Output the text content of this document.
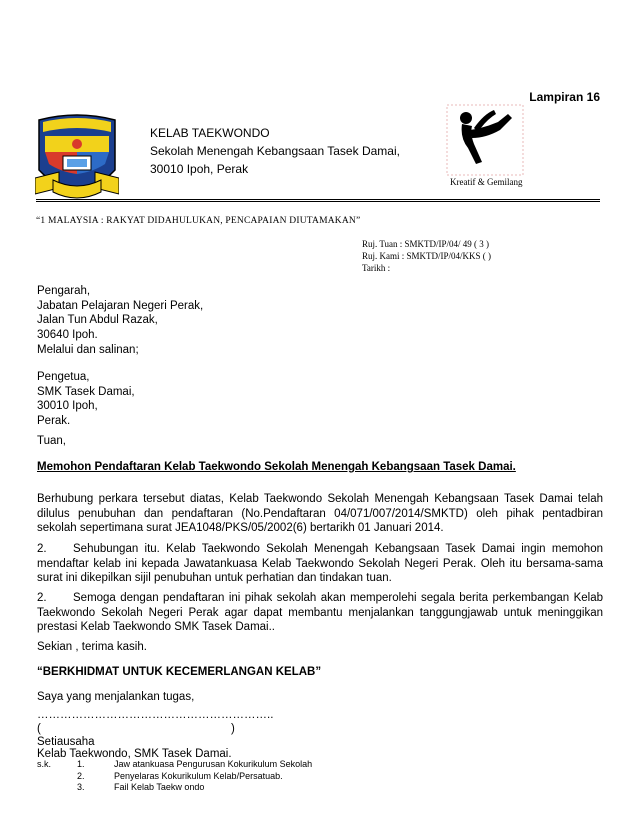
Lampiran 16
KELAB TAEKWONDO
Sekolah Menengah Kebangsaan Tasek Damai,
30010 Ipoh, Perak
Kreatif & Gemilang
“1 MALAYSIA : RAKYAT DIDAHULUKAN, PENCAPAIAN DIUTAMAKAN”
Ruj. Tuan : SMKTD/IP/04/ 49 ( 3 )
Ruj. Kami : SMKTD/IP/04/KKS ( )
Tarikh :
Pengarah,
Jabatan Pelajaran Negeri Perak,
Jalan Tun Abdul Razak,
30640 Ipoh.
Melalui dan salinan;
Pengetua,
SMK Tasek Damai,
30010 Ipoh,
Perak.
Tuan,
Memohon Pendaftaran Kelab Taekwondo Sekolah Menengah Kebangsaan Tasek Damai.
Berhubung perkara tersebut diatas, Kelab Taekwondo Sekolah Menengah Kebangsaan Tasek Damai telah dilulus penubuhan dan pendaftaran (No.Pendaftaran 04/071/007/2014/SMKTD) oleh pihak pentadbiran sekolah sepertimana surat JEA1048/PKS/05/2002(6) bertarikh 01 Januari 2014.
2. Sehubungan itu. Kelab Taekwondo Sekolah Menengah Kebangsaan Tasek Damai ingin memohon mendaftar kelab ini kepada Jawatankuasa Kelab Taekwondo Sekolah Negeri Perak. Oleh itu bersama-sama surat ini dikepilkan sijil penubuhan untuk perhatian dan tindakan tuan.
2. Semoga dengan pendaftaran ini pihak sekolah akan memperolehi segala berita perkembangan Kelab Taekwondo Sekolah Negeri Perak agar dapat membantu menjalankan tanggungjawab untuk meninggikan prestasi Kelab Taekwondo SMK Tasek Damai..
Sekian , terima kasih.
“BERKHIDMAT UNTUK KECEMERLANGAN KELAB”
Saya yang menjalankan tugas,
……………………………………………………..
(	)
Setiausaha
Kelab Taekwondo, SMK Tasek Damai.
s.k.	1.	Jaw atankuasa Pengurusan Kokurikulum Sekolah
2.	Penyelaras Kokurikulum Kelab/Persatuab.
3.	Fail Kelab Taekw ondo
